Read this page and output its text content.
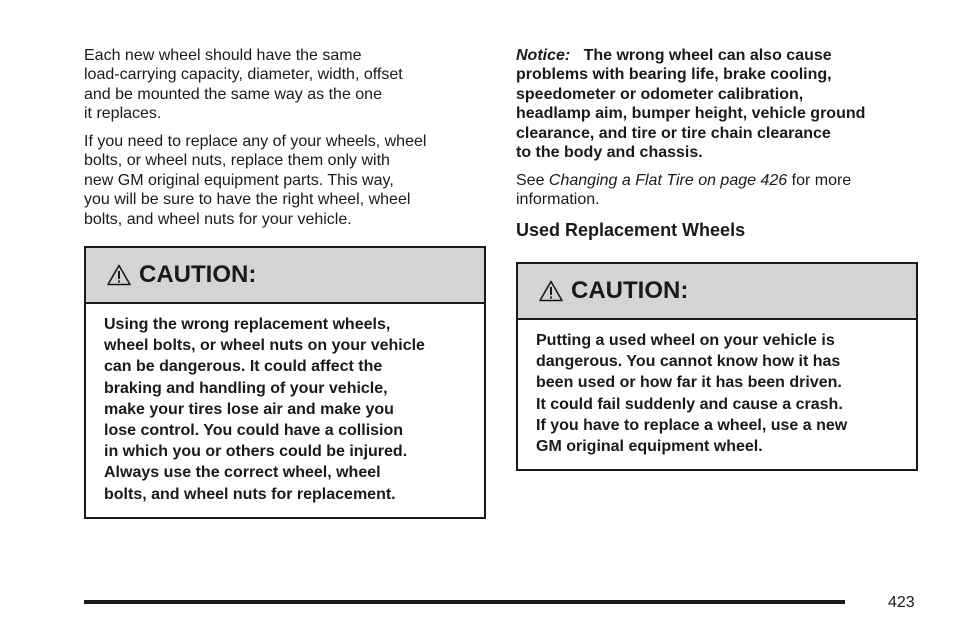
Each new wheel should have the same
load-carrying capacity, diameter, width, offset
and be mounted the same way as the one
it replaces.

If you need to replace any of your wheels, wheel
bolts, or wheel nuts, replace them only with
new GM original equipment parts. This way,
you will be sure to have the right wheel, wheel
bolts, and wheel nuts for your vehicle.

CAUTION:
Using the wrong replacement wheels,
wheel bolts, or wheel nuts on your vehicle
can be dangerous. It could affect the
braking and handling of your vehicle,
make your tires lose air and make you
lose control. You could have a collision
in which you or others could be injured.
Always use the correct wheel, wheel
bolts, and wheel nuts for replacement.

Notice: The wrong wheel can also cause
problems with bearing life, brake cooling,
speedometer or odometer calibration,
headlamp aim, bumper height, vehicle ground
clearance, and tire or tire chain clearance
to the body and chassis.

See Changing a Flat Tire on page 426 for more
information.

Used Replacement Wheels
CAUTION:
Putting a used wheel on your vehicle is
dangerous. You cannot know how it has
been used or how far it has been driven.
It could fail suddenly and cause a crash.
If you have to replace a wheel, use a new
GM original equipment wheel.
423
